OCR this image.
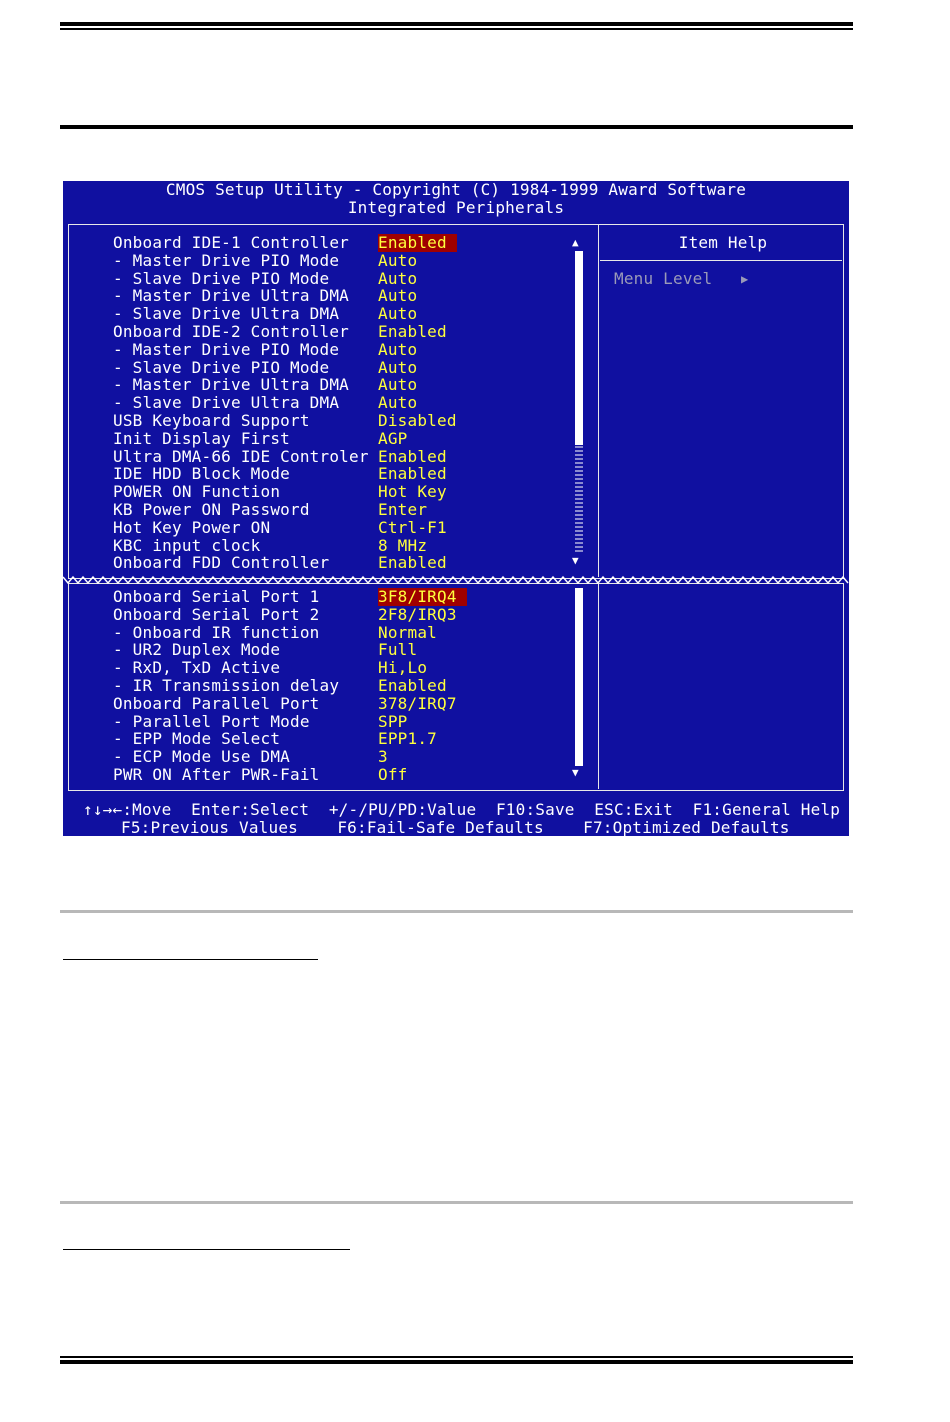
CMOS Setup Utility - Copyright (C) 1984-1999 Award Software
Integrated Peripherals
Onboard IDE-1 Controller Enabled
- Master Drive PIO Mode Auto
- Slave Drive PIO Mode	Auto
- Master Drive Ultra DMA Auto
- Slave Drive Ultra DMA Auto
Onboard IDE-2 Controller Enabled
- Master Drive PIO Mode Auto
- Slave Drive PIO Mode	Auto
- Master Drive Ultra DMA Auto
- Slave Drive Ultra DMA Auto
USB Keyboard Support	Disabled
Init Display First	AGP
Ultra DMA-66 IDE Controler Enabled
IDE HDD Block Mode	Enabled
POWER ON Function	Hot Key
KB Power ON Password	Enter
Hot Key Power ON	Ctrl-F1
KBC input clock	8 MHz
Onboard FDD Controller	Enabled
Onboard Serial Port 1	3F8/IRQ4
Onboard Serial Port 2	2F8/IRQ3
- Onboard IR function	Normal
- UR2 Duplex Mode	Full
- RxD, TxD Active	Hi,Lo
- IR Transmission delay Enabled
Onboard Parallel Port	378/IRQ7
- Parallel Port Mode	SPP
- EPP Mode Select	EPP1.7
- ECP Mode Use DMA	3
PWR ON After PWR-Fail	Off
Item Help
Menu Level ▶
▲
▼
▼
↑↓→←:Move  Enter:Select  +/-/PU/PD:Value  F10:Save  ESC:Exit  F1:General Help
F5:Previous Values    F6:Fail-Safe Defaults    F7:Optimized Defaults
